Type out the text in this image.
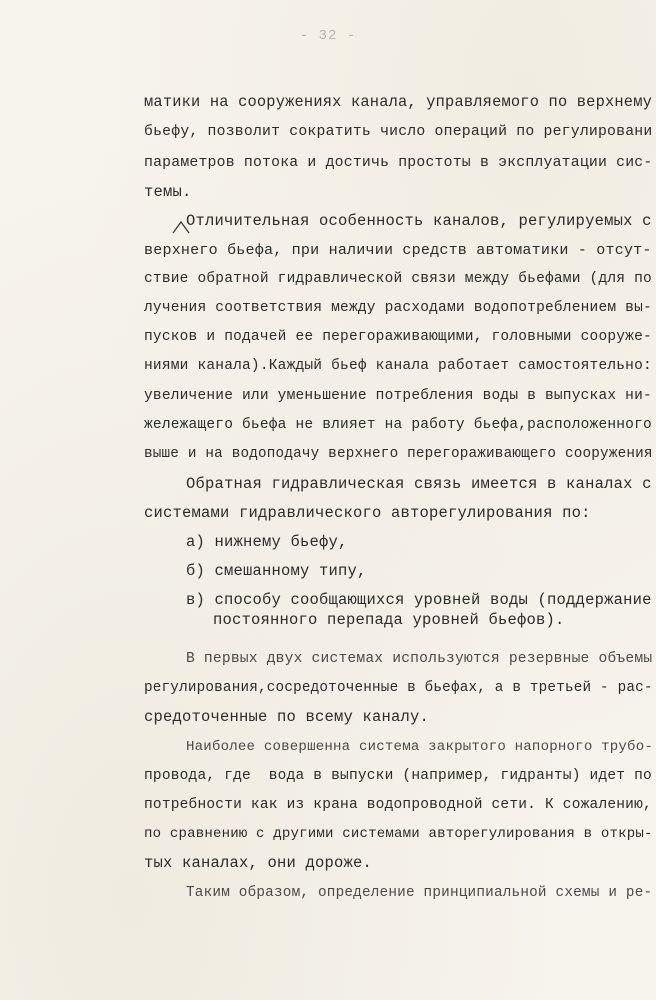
- 32 -
матики на сооружениях канала, управляемого по верхнему
бьефу, позволит сократить число операций по регулировани
параметров потока и достичь простоты в эксплуатации сис-
темы.
Отличительная особенность каналов, регулируемых с
верхнего бьефа, при наличии средств автоматики - отсут-
ствие обратной гидравлической связи между бьефами (для по
лучения соответствия между расходами водопотреблением вы-
пусков и подачей ее перегораживающими, головными сооруже-
ниями канала).Каждый бьеф канала работает самостоятельно:
увеличение или уменьшение потребления воды в выпусках ни-
жележащего бьефа не влияет на работу бьефа,расположенного
выше и на водоподачу верхнего перегораживающего сооружения
Обратная гидравлическая связь имеется в каналах с
системами гидравлического авторегулирования по:
а) нижнему бьефу,
б) смешанному типу,
в) способу сообщающихся уровней воды (поддержание
постоянного перепада уровней бьефов).
В первых двух системах используются резервные объемы
регулирования,сосредоточенные в бьефах, а в третьей - рас-
средоточенные по всему каналу.
Наиболее совершенна система закрытого напорного трубо-
провода, где  вода в выпуски (например, гидранты) идет по
потребности как из крана водопроводной сети. К сожалению,
по сравнению с другими системами авторегулирования в откры-
тых каналах, они дороже.
Таким образом, определение принципиальной схемы и ре-
